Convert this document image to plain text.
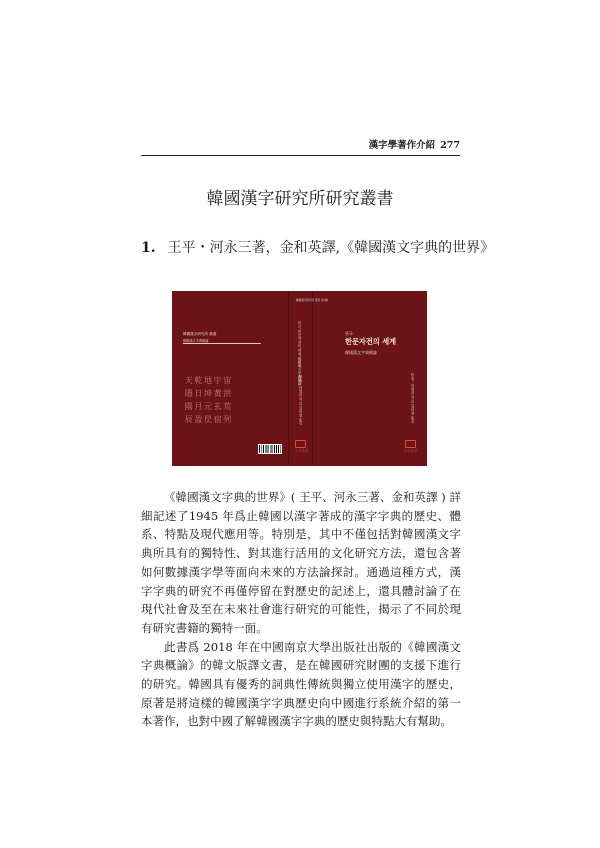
漢字學著作介紹 277
韓國漢字研究所研究叢書
1. 王平・河永三著，金和英譯,《韓國漢文字典的世界》
韓國漢字研究所 叢書
韓國漢文字典概論
天 乾 地 宇 宙
隱 日 坤 黃 洪
陽 月 元 玄 荒
辰 盈 昃 宿 列
韓國漢字研究所 叢書 第1輯
한국 한문자전의 세계 韓國漢文字典概論
왕핑 · 하영삼 지음 김화영 옮김
도서출판
한국
한문자전의 세계
韓國漢文字典概論
왕핑 · 하영삼 지음 김화영 옮김
도서출판

《韓國漢文字典的世界》( 王平、河永三著、金和英譯 ) 詳細記述了1945 年爲止韓國以漢字著成的漢字字典的歷史、體系、特點及現代應用等。特別是，其中不僅包括對韓國漢文字典所具有的獨特性、對其進行活用的文化研究方法，還包含著如何數據漢字學等面向未來的方法論探討。通過這種方式，漢字字典的研究不再僅停留在對歷史的記述上，還具體討論了在現代社會及至在未來社會進行研究的可能性，揭示了不同於現有研究書籍的獨特一面。

此書爲 2018 年在中國南京大學出版社出版的《韓國漢文字典概論》的韓文版譯文書，是在韓國研究財團的支援下進行的研究。韓國具有優秀的詞典性傳統與獨立使用漢字的歷史，原著是將這樣的韓國漢字字典歷史向中國進行系統介紹的第一本著作，也對中國了解韓國漢字字典的歷史與特點大有幫助。
